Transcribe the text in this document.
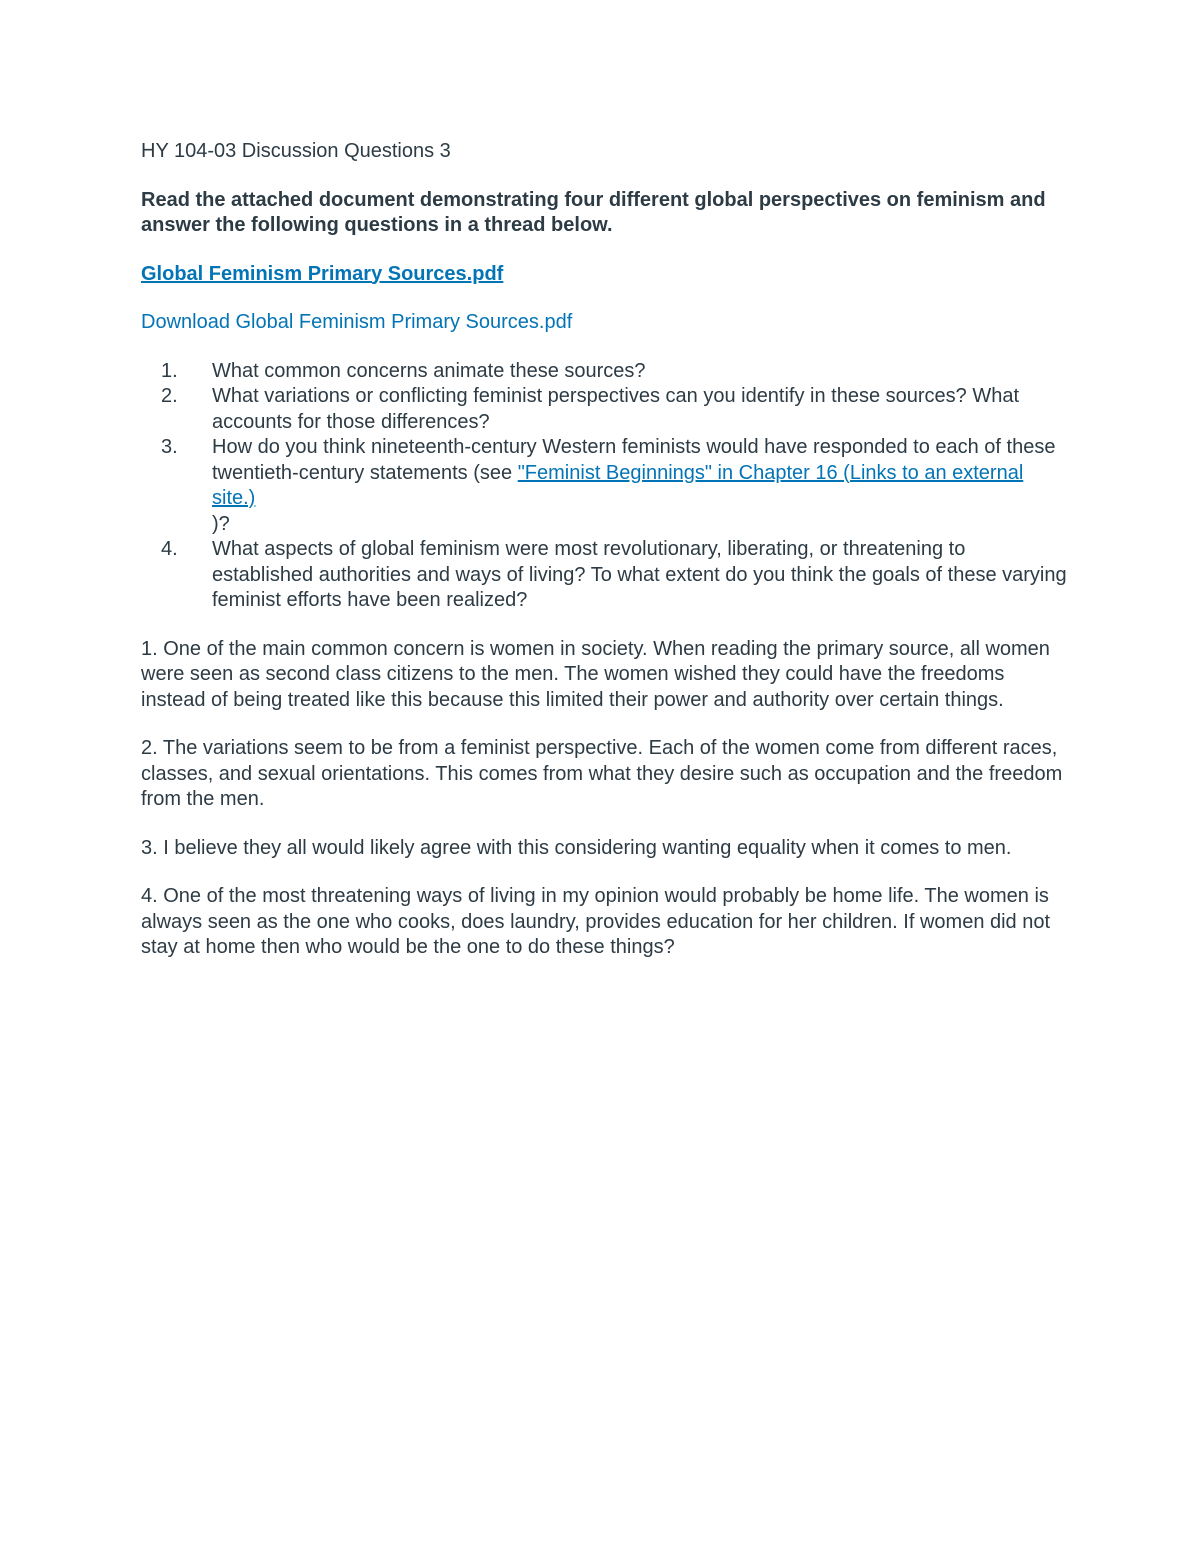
HY 104-03 Discussion Questions 3

Read the attached document demonstrating four different global perspectives on feminism and answer the following questions in a thread below.

Global Feminism Primary Sources.pdf
Download Global Feminism Primary Sources.pdf
1. What common concerns animate these sources?
2. What variations or conflicting feminist perspectives can you identify in these sources? What accounts for those differences?
3. How do you think nineteenth-century Western feminists would have responded to each of these twentieth-century statements (see "Feminist Beginnings" in Chapter 16 (Links to an external site.)
)?
4. What aspects of global feminism were most revolutionary, liberating, or threatening to established authorities and ways of living? To what extent do you think the goals of these varying feminist efforts have been realized?

1. One of the main common concern is women in society. When reading the primary source, all women were seen as second class citizens to the men. The women wished they could have the freedoms instead of being treated like this because this limited their power and authority over certain things.

2. The variations seem to be from a feminist perspective. Each of the women come from different races, classes, and sexual orientations. This comes from what they desire such as occupation and the freedom from the men.

3. I believe they all would likely agree with this considering wanting equality when it comes to men.

4. One of the most threatening ways of living in my opinion would probably be home life. The women is always seen as the one who cooks, does laundry, provides education for her children. If women did not stay at home then who would be the one to do these things?
